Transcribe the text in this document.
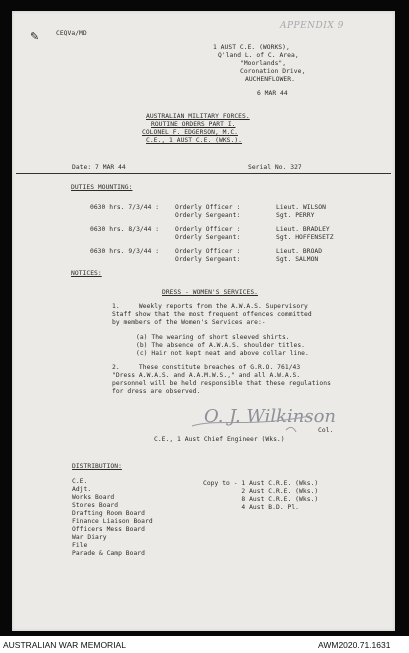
✎	CEQVa/MD
APPENDIX 9
1 AUST C.E. (WORKS),
Q'land L. of C. Area,
"Moorlands",
Coronation Drive,
AUCHENFLOWER.
6 MAR 44
AUSTRALIAN MILITARY FORCES.
ROUTINE ORDERS PART I.
COLONEL F. EDGERSON, M.C.
C.E., 1 AUST C.E. (WKS.).
Date: 7 MAR 44	Serial No. 327
DUTIES MOUNTING:
0630 hrs. 7/3/44 :	Orderly Officer :	Lieut. WILSON
Orderly Sergeant:	Sgt. PERRY
0630 hrs. 8/3/44 :	Orderly Officer :	Lieut. BRADLEY
Orderly Sergeant:	Sgt. HOFFENSETZ
0630 hrs. 9/3/44 :	Orderly Officer :	Lieut. BROAD
Orderly Sergeant:	Sgt. SALMON
NOTICES:
DRESS - WOMEN'S SERVICES.
1.     Weekly reports from the A.W.A.S. Supervisory
Staff show that the most frequent offences committed
by members of the Women's Services are:-
(a) The wearing of short sleeved shirts.
(b) The absence of A.W.A.S. shoulder titles.
(c) Hair not kept neat and above collar line.
2.     These constitute breaches of G.R.O. 761/43
"Dress A.W.A.S. and A.A.M.W.S.," and all A.W.A.S.
personnel will be held responsible that these regulations
for dress are observed.
O. J. Wilkinson
Col.
C.E., 1 Aust Chief Engineer (Wks.)
DISTRIBUTION:
C.E.
Adjt.
Works Board
Stores Board
Drafting Room Board
Finance Liaison Board
Officers Mess Board
War Diary
File
Parade & Camp Board
Copy to - 1 Aust C.R.E. (Wks.)
2 Aust C.R.E. (Wks.)
8 Aust C.R.E. (Wks.)
4 Aust B.D. Pl.
AUSTRALIAN WAR MEMORIAL	AWM2020.71.1631
